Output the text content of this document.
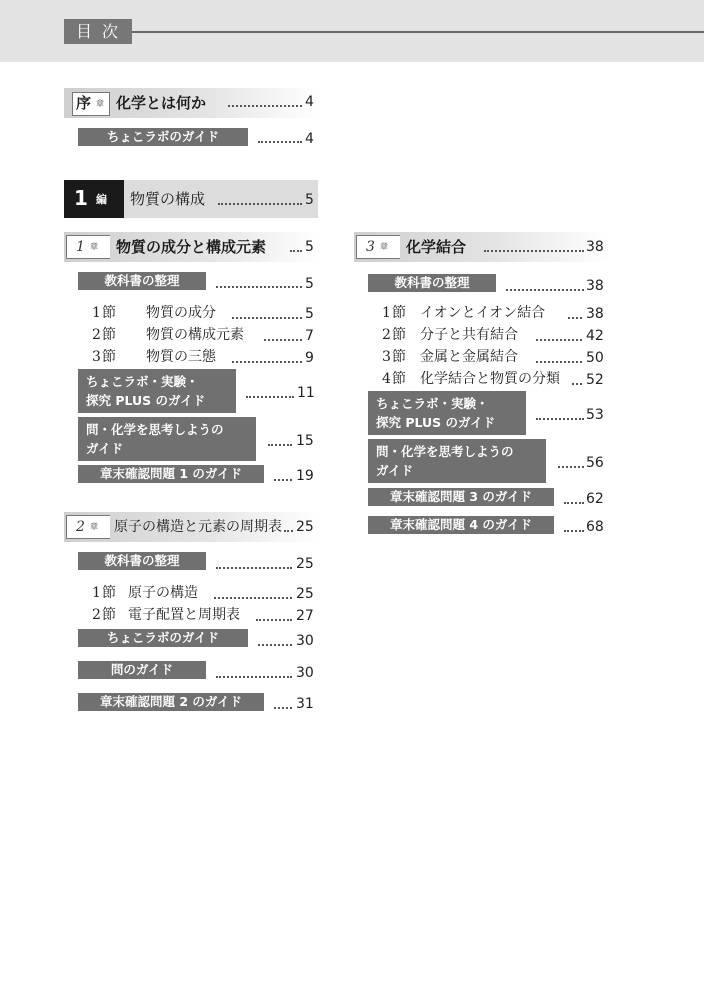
目次
序 章 化学とは何か	4
ちょこラボのガイド	4
1 編 物質の構成	5
1 章 物質の成分と構成元素	5
教科書の整理	5
1 節 物質の成分	5
2 節 物質の構成元素	7
3 節 物質の三態	9
ちょこラボ・実験・
探究 PLUS のガイド	11
問・化学を思考しようの
ガイド	15
章末確認問題 1 のガイド	19
2 章 原子の構造と元素の周期表 25
教科書の整理	25
1 節 原子の構造	25
2 節 電子配置と周期表	27
ちょこラボのガイド	30
問のガイド	30
章末確認問題 2 のガイド	31
3 章 化学結合	38
教科書の整理	38
1 節 イオンとイオン結合	38
2 節 分子と共有結合	42
3 節 金属と金属結合	50
4 節 化学結合と物質の分類 52
ちょこラボ・実験・
探究 PLUS のガイド	53
問・化学を思考しようの
ガイド	56
章末確認問題 3 のガイド	62
章末確認問題 4 のガイド	68
